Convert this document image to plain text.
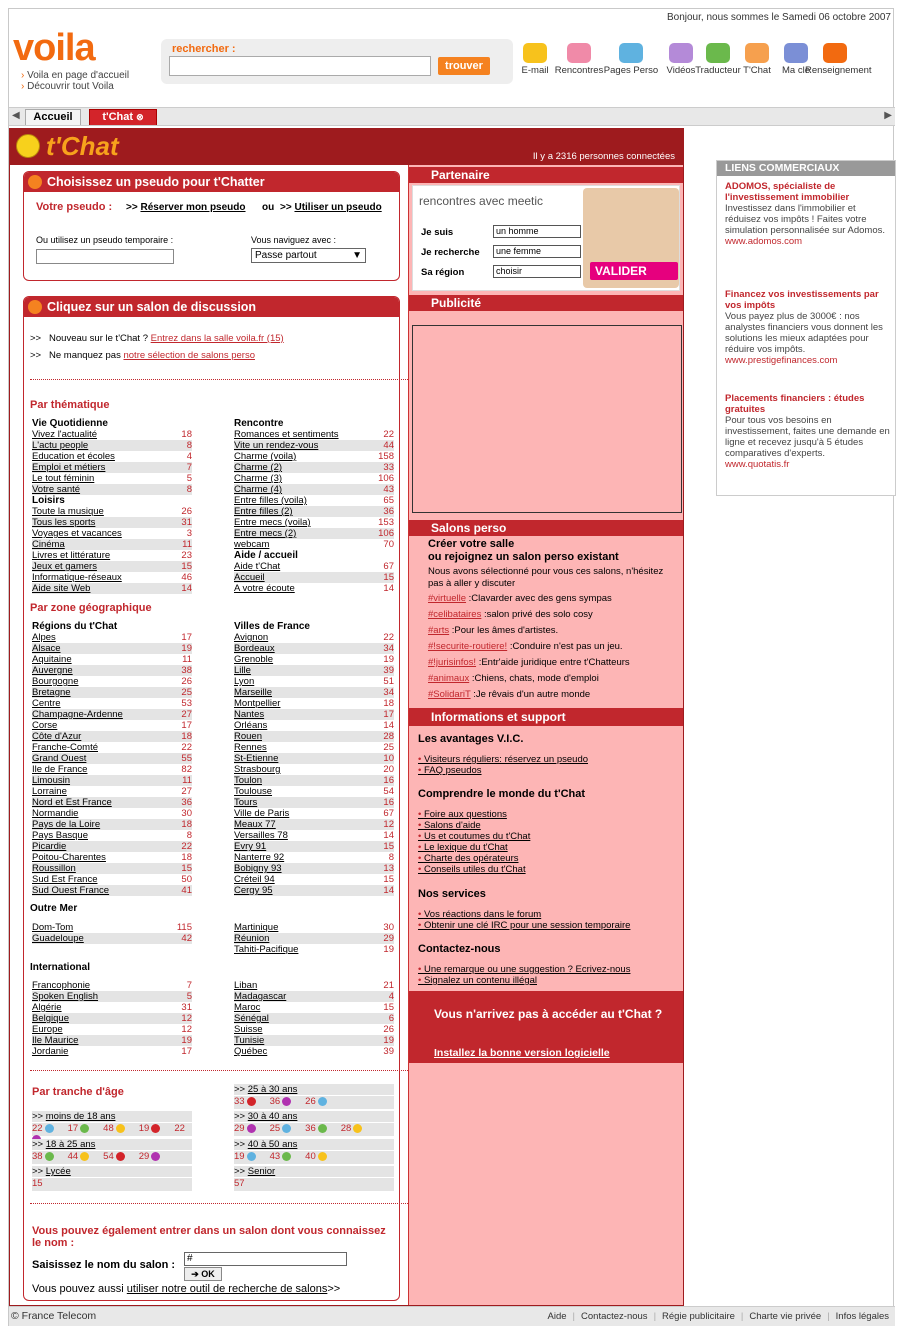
Bonjour, nous sommes le Samedi 06 octobre 2007
voila
› Voila en page d'accueil
› Découvrir tout Voila
rechercher :
trouver	E-mail Rencontres Pages Perso Vidéos Traducteur T'Chat	Ma clé
Renseignement
◀	Accueil	t'Chat ⊗	▶
t'Chat	Il y a 2316 personnes connectées
Choisissez un pseudo pour t'Chatter
Votre pseudo : >> Réserver mon pseudo ou >> Utiliser un pseudo
Ou utilisez un pseudo temporaire :	Vous naviguez avec :
Passe partout	▼
Cliquez sur un salon de discussion
>>   Nouveau sur le t'Chat ? Entrez dans la salle voila.fr (15)
>>   Ne manquez pas notre sélection de salons perso
Par thématique
Vie Quotidienne
Vivez l'actualité	18
L'actu people	8
Education et écoles	4
Emploi et métiers	7
Le tout féminin	5
Votre santé	8
Loisirs
Toute la musique	26
Tous les sports	31
Voyages et vacances	3
Cinéma	11
Livres et littérature	23
Jeux et gamers	15
Informatique-réseaux	46
Aide site Web	14
Rencontre
Romances et sentiments	22
Vite un rendez-vous	44
Charme (voila)	158
Charme (2)	33
Charme (3)	106
Charme (4)	43
Entre filles (voila)	65
Entre filles (2)	36
Entre mecs (voila)	153
Entre mecs (2)	106
webcam	70
Aide / accueil
Aide t'Chat	67
Accueil	15
A votre écoute	14
Par zone géographique
Régions du t'Chat
Alpes	17
Alsace	19
Aquitaine	11
Auvergne	38
Bourgogne	26
Bretagne	25
Centre	53
Champagne-Ardenne	27
Corse	17
Côte d'Azur	18
Franche-Comté	22
Grand Ouest	55
Ile de France	82
Limousin	11
Lorraine	27
Nord et Est France	36
Normandie	30
Pays de la Loire	18
Pays Basque	8
Picardie	22
Poitou-Charentes	18
Roussillon	15
Sud Est France	50
Sud Ouest France	41
Villes de France
Avignon	22
Bordeaux	34
Grenoble	19
Lille	39
Lyon	51
Marseille	34
Montpellier	18
Nantes	17
Orléans	14
Rouen	28
Rennes	25
St-Etienne	10
Strasbourg	20
Toulon	16
Toulouse	54
Tours	16
Ville de Paris	67
Meaux 77	12
Versailles 78	14
Evry 91	15
Nanterre 92	8
Bobigny 93	13
Créteil 94	15
Cergy 95	14
Outre Mer
Dom-Tom	115
Guadeloupe	42
Martinique	30
Réunion	29
Tahiti-Pacifique	19
International
Francophonie	7
Spoken English	5
Algérie	31
Belgique	12
Europe	12
Ile Maurice	19
Jordanie	17
Liban	21
Madagascar	4
Maroc	15
Sénégal	6
Suisse	26
Tunisie	19
Québec	39
Par tranche d'âge
>> moins de 18 ans
22	17	48	19	22
>> 18 à 25 ans
38	44	54	29
>> Lycée
15
>> 25 à 30 ans
33	36	26
>> 30 à 40 ans
29	25	36	28
>> 40 à 50 ans
19	43	40
>> Senior
57
Vous pouvez également entrer dans un salon dont vous connaissez le nom :
Saisissez le nom du salon :
#
➔ OK
Vous pouvez aussi utiliser notre outil de recherche de salons>>
Partenaire
rencontres avec meetic
Je suis	un homme
Je recherche	une femme
Sa région	choisir	VALIDER
Publicité
Salons perso
Créer votre salle
ou rejoignez un salon perso existant
Nous avons sélectionné pour vous ces salons, n'hésitez pas à aller y discuter
Informations et support
#virtuelle :Clavarder avec des gens sympas
#celibataires :salon privé des solo cosy
#arts :Pour les âmes d'artistes.
#!securite-routiere! :Conduire n'est pas un jeu.
#!jurisinfos! :Entr'aide juridique entre t'Chatteurs
#animaux :Chiens, chats, mode d'emploi
#SolidariT :Je rêvais d'un autre monde
Les avantages V.I.C.
• Visiteurs réguliers: réservez un pseudo
• FAQ pseudos
Comprendre le monde du t'Chat
• Foire aux questions
• Salons d'aide
• Us et coutumes du t'Chat
• Le lexique du t'Chat
• Charte des opérateurs
• Conseils utiles du t'Chat
Nos services
• Vos réactions dans le forum
• Obtenir une clé IRC pour une session temporaire
Contactez-nous
• Une remarque ou une suggestion ? Ecrivez-nous
• Signalez un contenu illégal
Vous n'arrivez pas à accéder au t'Chat ?
Installez la bonne version logicielle
LIENS COMMERCIAUX
ADOMOS, spécialiste de l'investissement immobilier
Investissez dans l'immobilier et réduisez vos impôts ! Faites votre simulation personnalisée sur Adomos.
www.adomos.com
Financez vos investissements par vos impôts
Vous payez plus de 3000€ : nos analystes financiers vous donnent les solutions les mieux adaptées pour réduire vos impôts.
www.prestigefinances.com
Placements financiers : études gratuites
Pour tous vos besoins en investissement, faites une demande en ligne et recevez jusqu'à 5 études comparatives d'experts.
www.quotatis.fr
© France Telecom	Aide | Contactez-nous | Régie publicitaire | Charte vie privée | Infos légales
